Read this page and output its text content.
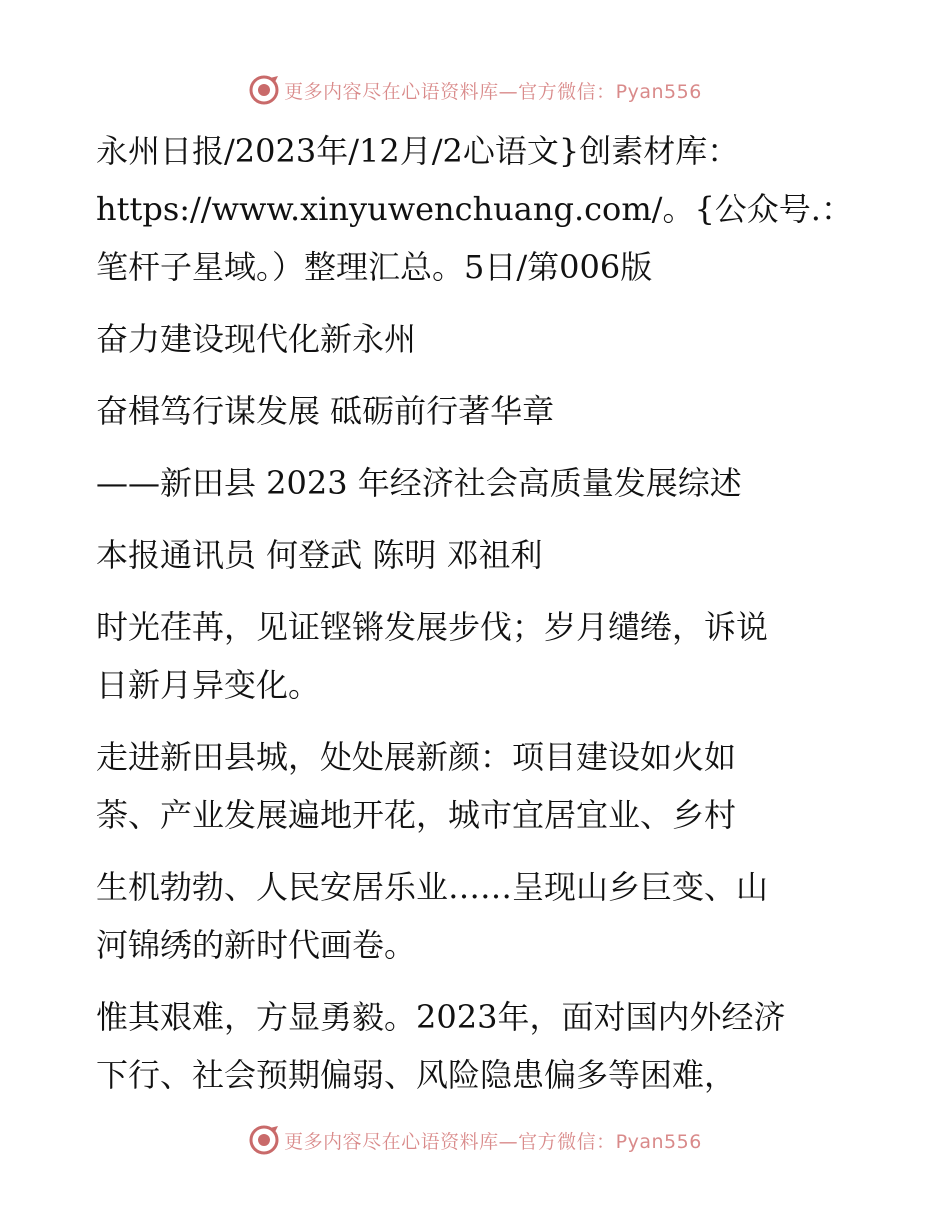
更多内容尽在心语资料库—官方微信：Pyan556
永州日报/2023年/12月/2心语文}创素材库：
https://www.xinyuwenchuang.com/。{公众号.：
笔杆子星域。）整理汇总。5日/第006版
奋力建设现代化新永州
奋楫笃行谋发展 砥砺前行著华章
——新田县 2023 年经济社会高质量发展综述
本报通讯员 何登武 陈明 邓祖利
时光荏苒，见证铿锵发展步伐；岁月缱绻，诉说
日新月异变化。
走进新田县城，处处展新颜：项目建设如火如
荼、产业发展遍地开花，城市宜居宜业、乡村
生机勃勃、人民安居乐业……呈现山乡巨变、山
河锦绣的新时代画卷。
惟其艰难，方显勇毅。2023年，面对国内外经济
下行、社会预期偏弱、风险隐患偏多等困难，
更多内容尽在心语资料库—官方微信：Pyan556
